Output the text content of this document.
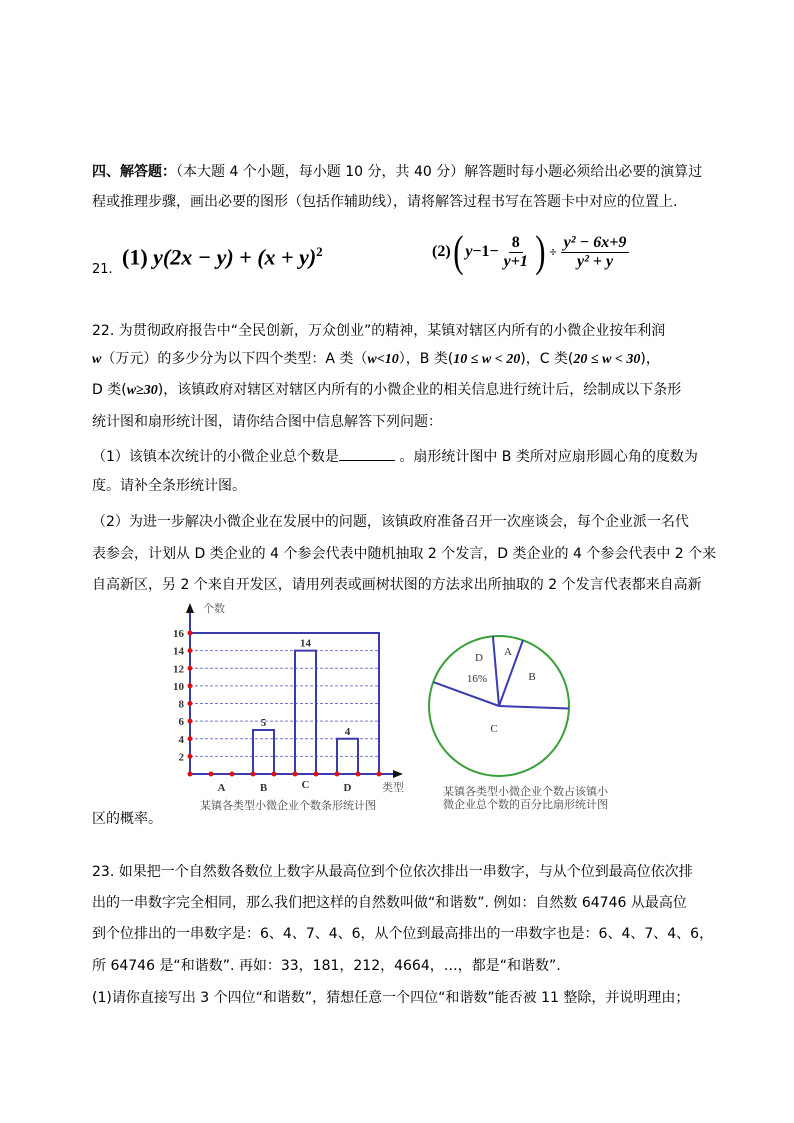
四、解答题：（本大题 4 个小题，每小题 10 分，共 40 分）解答题时每小题必须给出必要的演算过
程或推理步骤，画出必要的图形（包括作辅助线），请将解答过程书写在答题卡中对应的位置上.
21.
(1) $y(2x - y) + (x + y)^2$	(2) ( $y -1- \frac{8}{y+1}$ ) ÷ $\frac{\text{y² − 6x+9}}{\text{y² + y}}$
22. 为贯彻政府报告中“全民创新，万众创业”的精神，某镇对辖区内所有的小微企业按年利润
w（万元）的多少分为以下四个类型：A 类（w<10），B 类(10 ≤ w < 20)，C 类(20 ≤ w < 30)，
D 类(w≥30)，该镇政府对辖区对辖区内所有的小微企业的相关信息进行统计后，绘制成以下条形
统计图和扇形统计图，请你结合图中信息解答下列问题：
（1）该镇本次统计的小微企业总个数是	。扇形统计图中 B 类所对应扇形圆心角的度数为
度。请补全条形统计图。
（2）为进一步解决小微企业在发展中的问题，该镇政府准备召开一次座谈会，每个企业派一名代
表参会，计划从 D 类企业的 4 个参会代表中随机抽取 2 个发言，D 类企业的 4 个参会代表中 2 个来
自高新区，另 2 个来自开发区，请用列表或画树状图的方法求出所抽取的 2 个发言代表都来自高新
区的概率。
个数
类型
2
4
6
8
10
12
14
16
A
5
B
14
C
4
D
某镇各类型小微企业个数条形统计图
A
B
C
D
16%
某镇各类型小微企业个数占该镇小
微企业总个数的百分比扇形统计图
23. 如果把一个自然数各数位上数字从最高位到个位依次排出一串数字，与从个位到最高位依次排
出的一串数字完全相同，那么我们把这样的自然数叫做“和谐数”. 例如：自然数 64746 从最高位
到个位排出的一串数字是：6、4、7、4、6，从个位到最高排出的一串数字也是：6、4、7、4、6，
所 64746 是“和谐数”. 再如：33，181，212，4664，…，都是“和谐数”.
(1)请你直接写出 3 个四位“和谐数”，猜想任意一个四位“和谐数”能否被 11 整除，并说明理由；
